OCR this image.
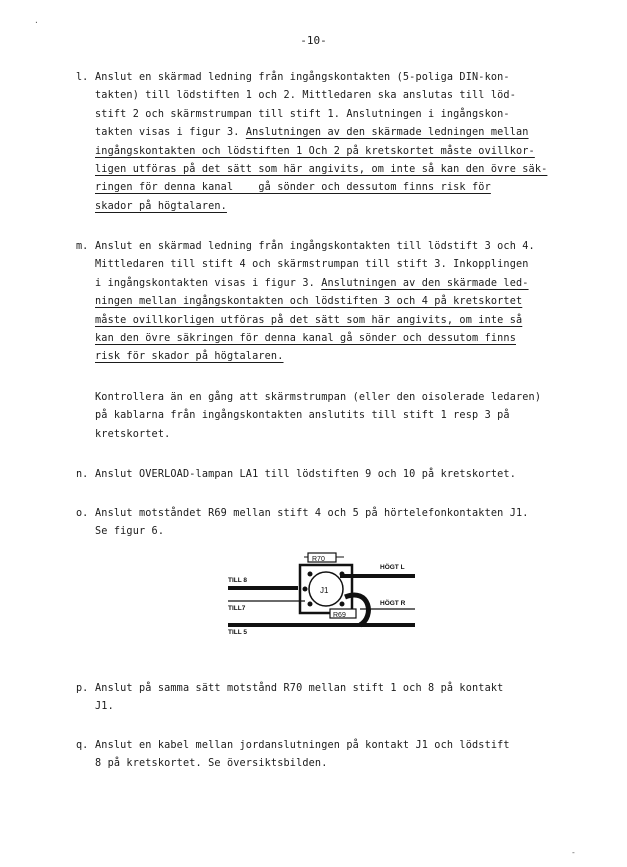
-10-
l. Anslut en skärmad ledning från ingångskontakten (5-poliga DIN-kon-
takten) till lödstiften 1 och 2. Mittledaren ska anslutas till löd-
stift 2 och skärmstrumpan till stift 1. Anslutningen i ingångskon-
takten visas i figur 3. Anslutningen av den skärmade ledningen mellan
ingångskontakten och lödstiften 1 Och 2 på kretskortet måste ovillkor-
ligen utföras på det sätt som här angivits, om inte så kan den övre säk-
ringen för denna kanal    gå sönder och dessutom finns risk för
skador på högtalaren.
m. Anslut en skärmad ledning från ingångskontakten till lödstift 3 och 4.
Mittledaren till stift 4 och skärmstrumpan till stift 3. Inkopplingen
i ingångskontakten visas i figur 3. Anslutningen av den skärmade led-
ningen mellan ingångskontakten och lödstiften 3 och 4 på kretskortet
måste ovillkorligen utföras på det sätt som här angivits, om inte så
kan den övre säkringen för denna kanal gå sönder och dessutom finns
risk för skador på högtalaren.
Kontrollera än en gång att skärmstrumpan (eller den oisolerade ledaren)
på kablarna från ingångskontakten anslutits till stift 1 resp 3 på
kretskortet.
n. Anslut OVERLOAD-lampan LA1 till lödstiften 9 och 10 på kretskortet.
o. Anslut motståndet R69 mellan stift 4 och 5 på hörtelefonkontakten J1.
Se figur 6.
R70
R69
J1
HÖGT L
HÖGT R
TILL 8
TILL7
TILL 5
p. Anslut på samma sätt motstånd R70 mellan stift 1 och 8 på kontakt
J1.
q. Anslut en kabel mellan jordanslutningen på kontakt J1 och lödstift
8 på kretskortet. Se översiktsbilden.
·
-
